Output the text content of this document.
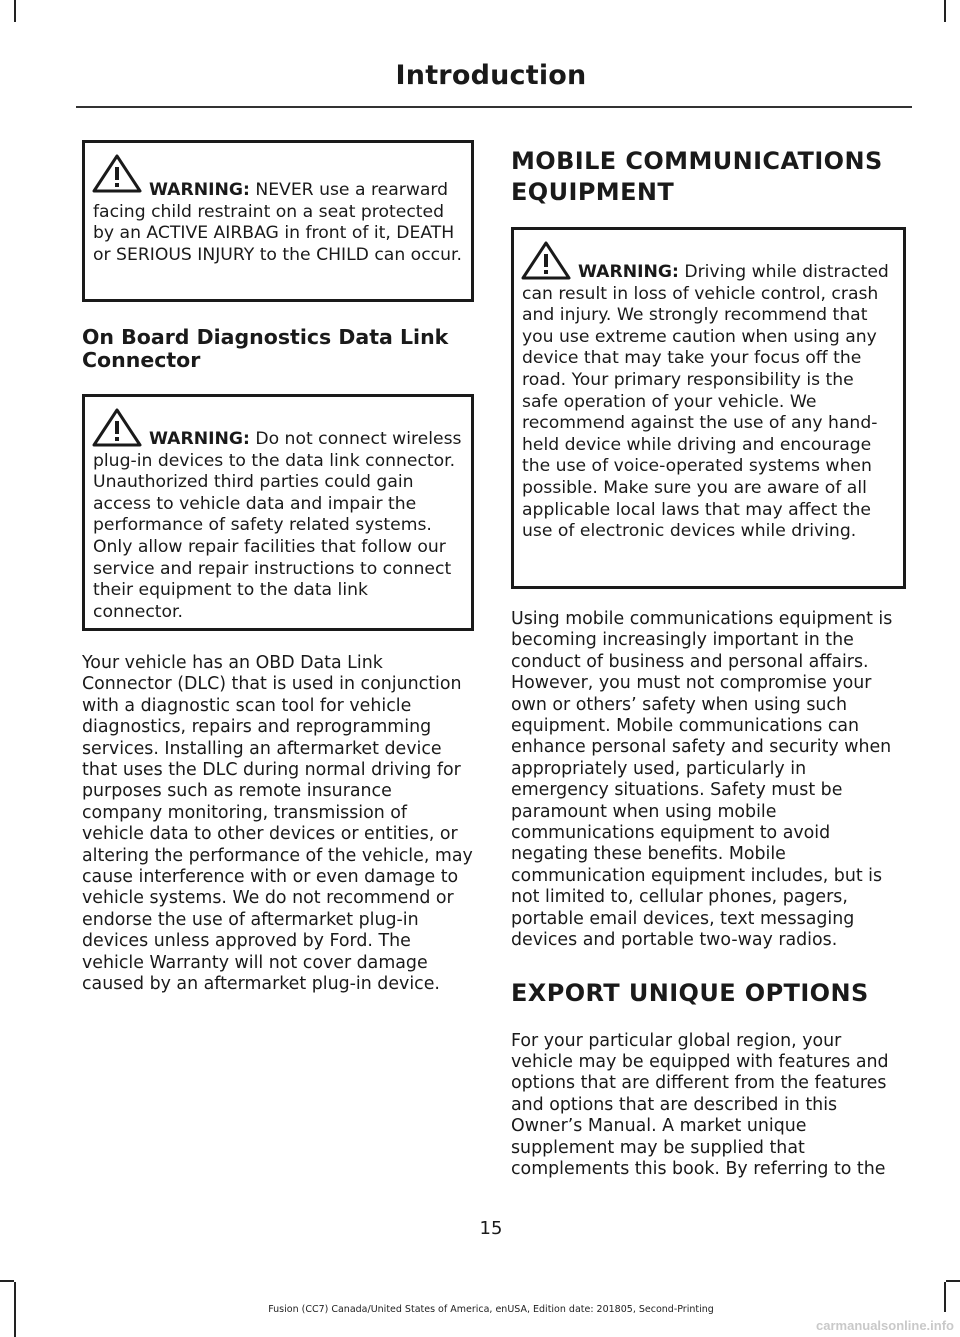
Introduction
WARNING: NEVER use a rearward facing child restraint on a seat protected by an ACTIVE AIRBAG in front of it, DEATH or SERIOUS INJURY to the CHILD can occur.
On Board Diagnostics Data Link Connector
WARNING: Do not connect wireless plug-in devices to the data link connector. Unauthorized third parties could gain access to vehicle data and impair the performance of safety related systems. Only allow repair facilities that follow our service and repair instructions to connect their equipment to the data link connector.

Your vehicle has an OBD Data Link Connector (DLC) that is used in conjunction with a diagnostic scan tool for vehicle diagnostics, repairs and reprogramming services. Installing an aftermarket device that uses the DLC during normal driving for purposes such as remote insurance company monitoring, transmission of vehicle data to other devices or entities, or altering the performance of the vehicle, may cause interference with or even damage to vehicle systems. We do not recommend or endorse the use of aftermarket plug-in devices unless approved by Ford. The vehicle Warranty will not cover damage caused by an aftermarket plug-in device.

MOBILE COMMUNICATIONS
EQUIPMENT
WARNING: Driving while distracted can result in loss of vehicle control, crash and injury. We strongly recommend that you use extreme caution when using any device that may take your focus off the road. Your primary responsibility is the safe operation of your vehicle. We recommend against the use of any hand-held device while driving and encourage the use of voice-operated systems when possible. Make sure you are aware of all applicable local laws that may affect the use of electronic devices while driving.

Using mobile communications equipment is becoming increasingly important in the conduct of business and personal affairs. However, you must not compromise your own or others’ safety when using such equipment. Mobile communications can enhance personal safety and security when appropriately used, particularly in emergency situations. Safety must be paramount when using mobile communications equipment to avoid negating these benefits. Mobile communication equipment includes, but is not limited to, cellular phones, pagers, portable email devices, text messaging devices and portable two-way radios.

EXPORT UNIQUE OPTIONS

For your particular global region, your vehicle may be equipped with features and options that are different from the features and options that are described in this Owner’s Manual. A market unique supplement may be supplied that complements this book. By referring to the

15
Fusion (CC7) Canada/United States of America, enUSA, Edition date: 201805, Second-Printing
carmanualsonline.info
